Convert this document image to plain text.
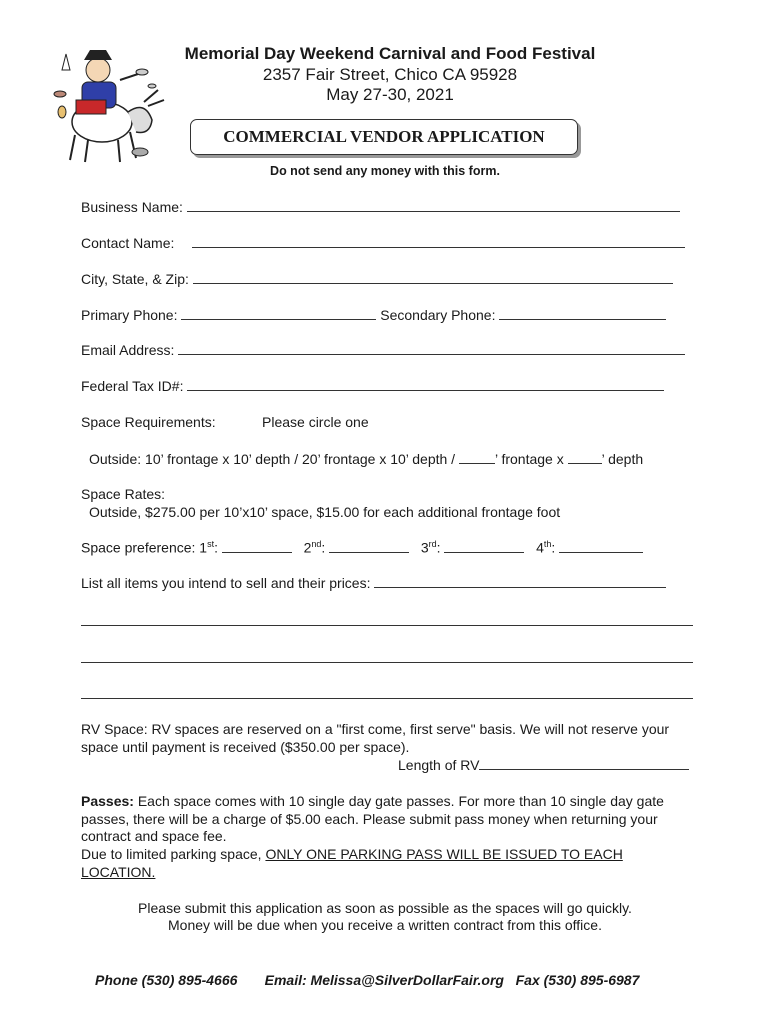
Memorial Day Weekend Carnival and Food Festival
2357 Fair Street, Chico CA 95928
May 27-30, 2021
COMMERCIAL VENDOR APPLICATION
Do not send any money with this form.
Business Name:
Contact Name:
City, State, & Zip:
Primary Phone:	Secondary Phone:
Email Address:
Federal Tax ID#:
Space Requirements:	Please circle one
Outside: 10’ frontage x 10’ depth / 20’ frontage x 10’ depth /	’ frontage x	’ depth
Space Rates:
Outside, $275.00 per 10’x10’ space, $15.00 for each additional frontage foot
Space preference: 1st:	2nd:	3rd:	4th:
List all items you intend to sell and their prices:
RV Space: RV spaces are reserved on a "first come, first serve" basis. We will not reserve your space until payment is received ($350.00 per space).
Length of RV
Passes: Each space comes with 10 single day gate passes. For more than 10 single day gate passes, there will be a charge of $5.00 each. Please submit pass money when returning your contract and space fee.
Due to limited parking space, ONLY ONE PARKING PASS WILL BE ISSUED TO EACH LOCATION.
Please submit this application as soon as possible as the spaces will go quickly.
Money will be due when you receive a written contract from this office.
Phone (530) 895-4666 Email: Melissa@SilverDollarFair.org Fax (530) 895-6987
